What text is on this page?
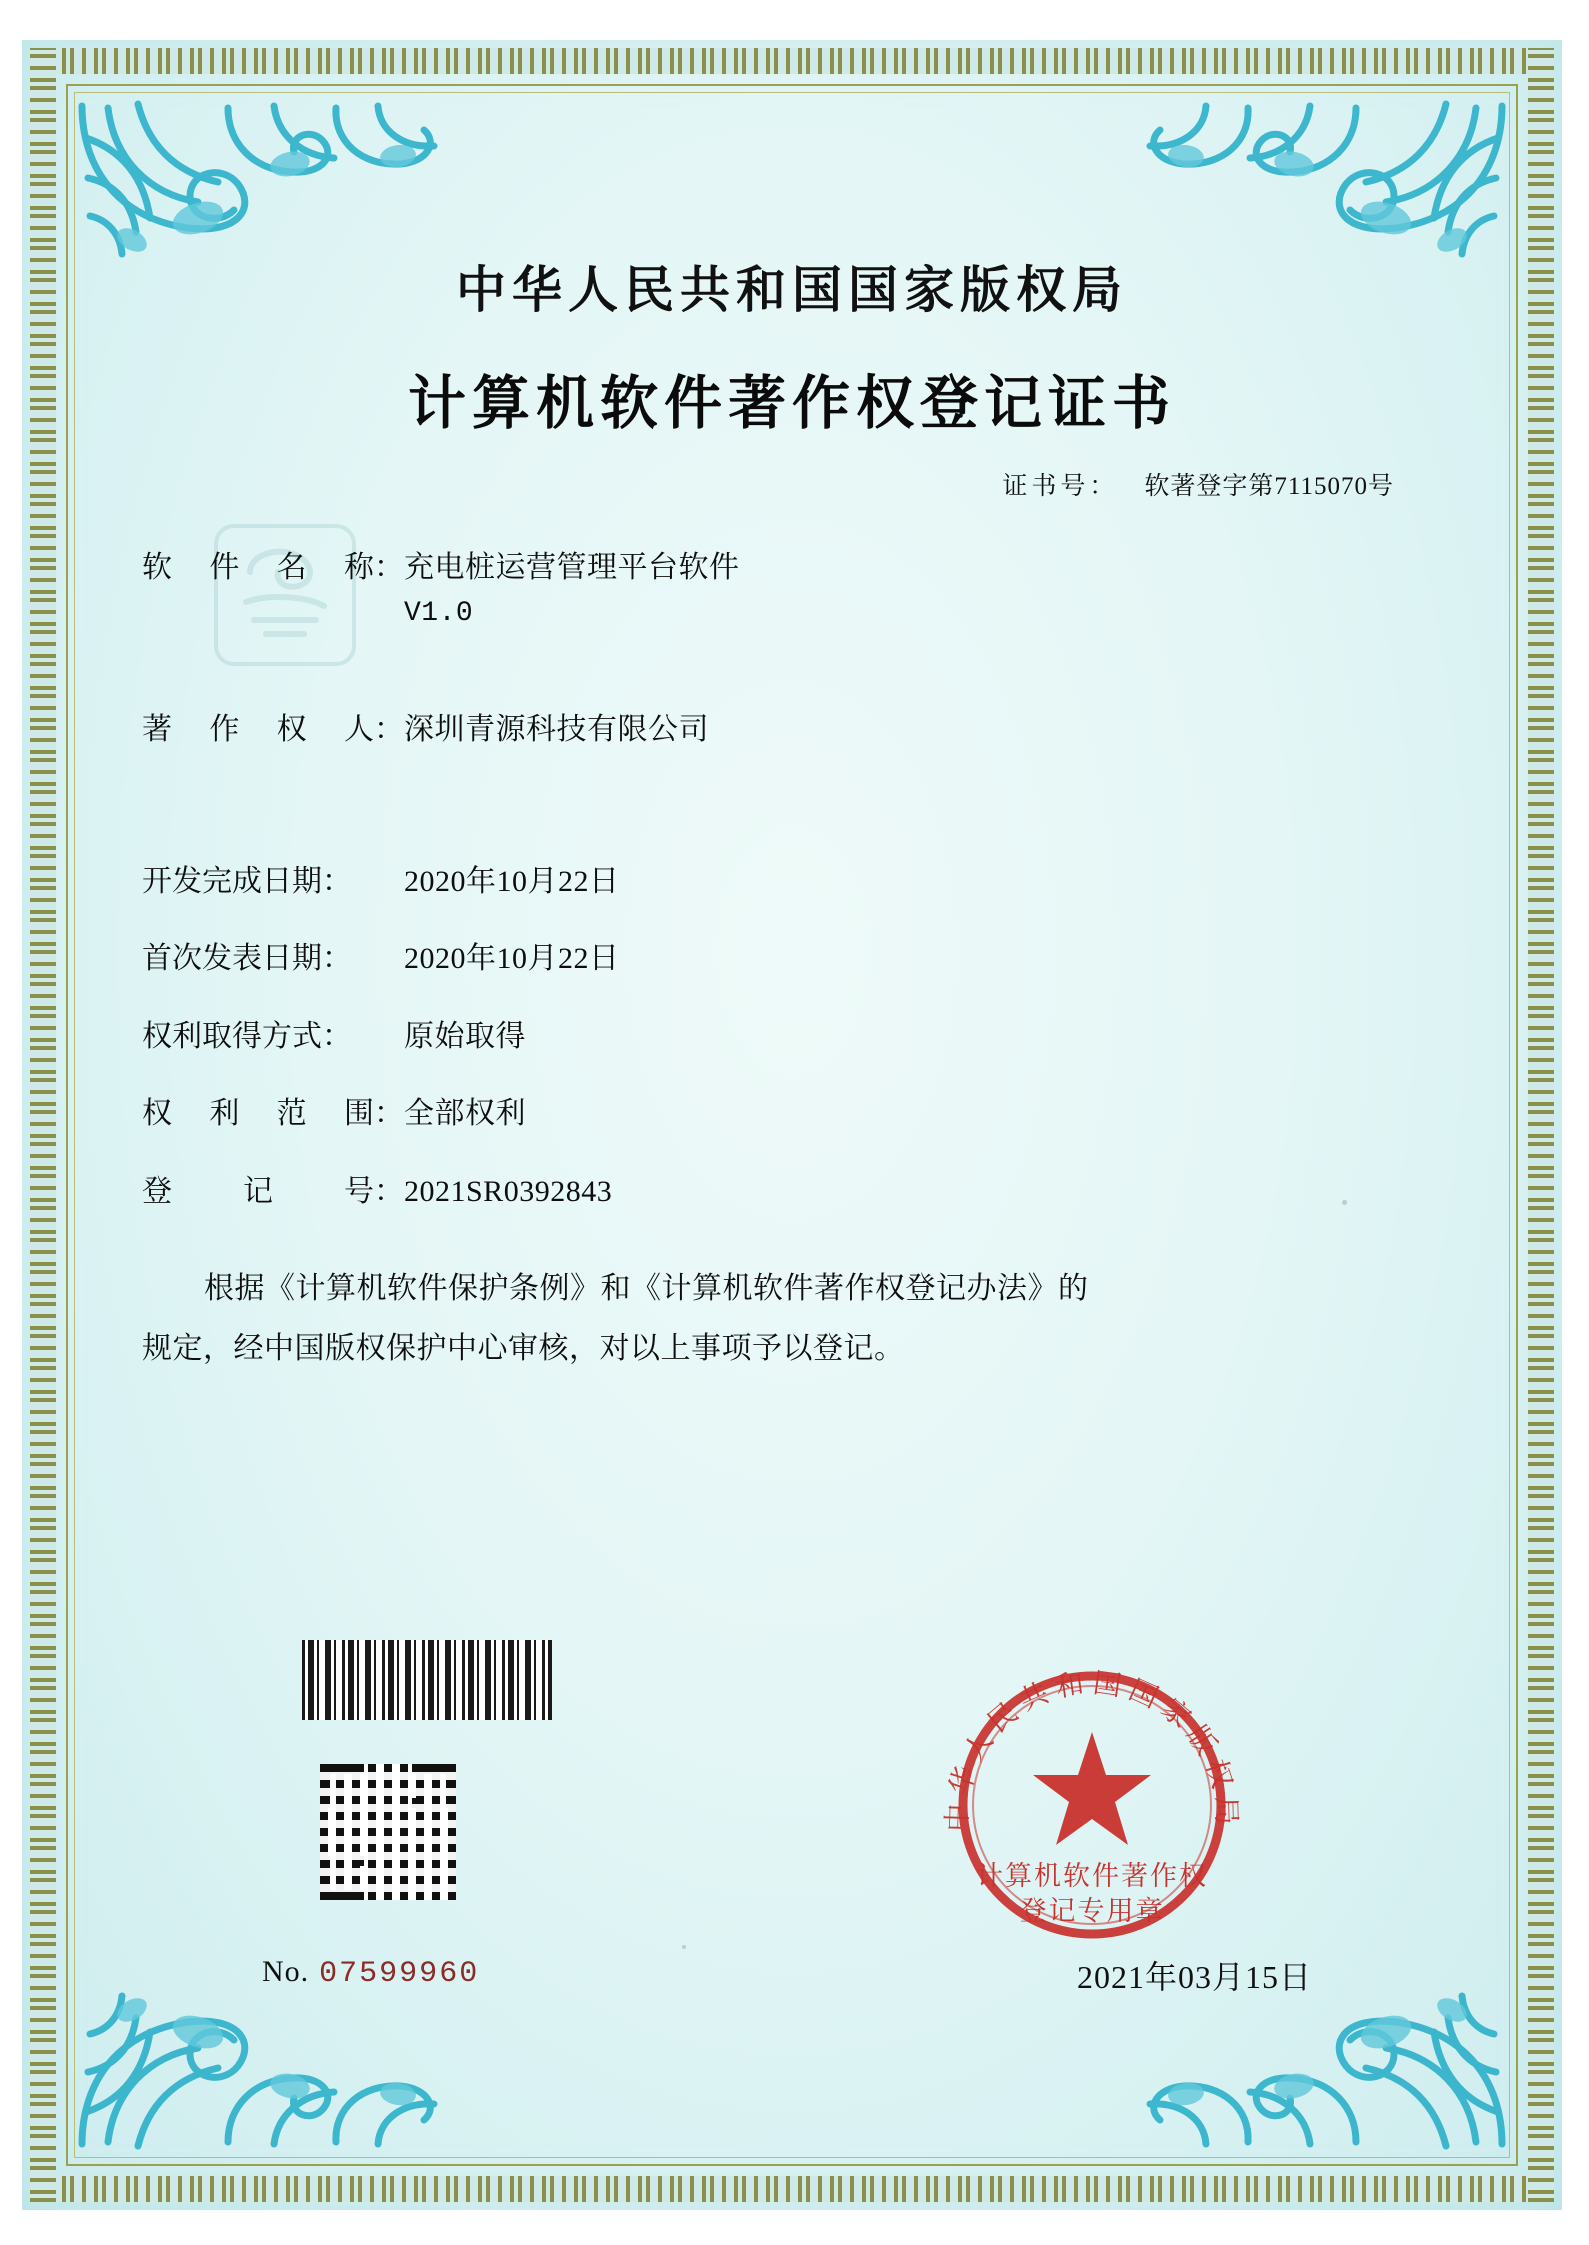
中华人民共和国国家版权局
计算机软件著作权登记证书
证书号： 软著登字第7115070号
软 件 名 称： 充电桩运营管理平台软件
V1.0
著 作 权 人： 深圳青源科技有限公司
开发完成日期：	2020年10月22日
首次发表日期：	2020年10月22日
权利取得方式：	原始取得
权 利 范 围： 全部权利
登 记 号： 2021SR0392843

根据《计算机软件保护条例》和《计算机软件著作权登记办法》的

规定，经中国版权保护中心审核，对以上事项予以登记。

中华人民共和国国家版权局
计算机软件著作权
登记专用章
No. 07599960	2021年03月15日
